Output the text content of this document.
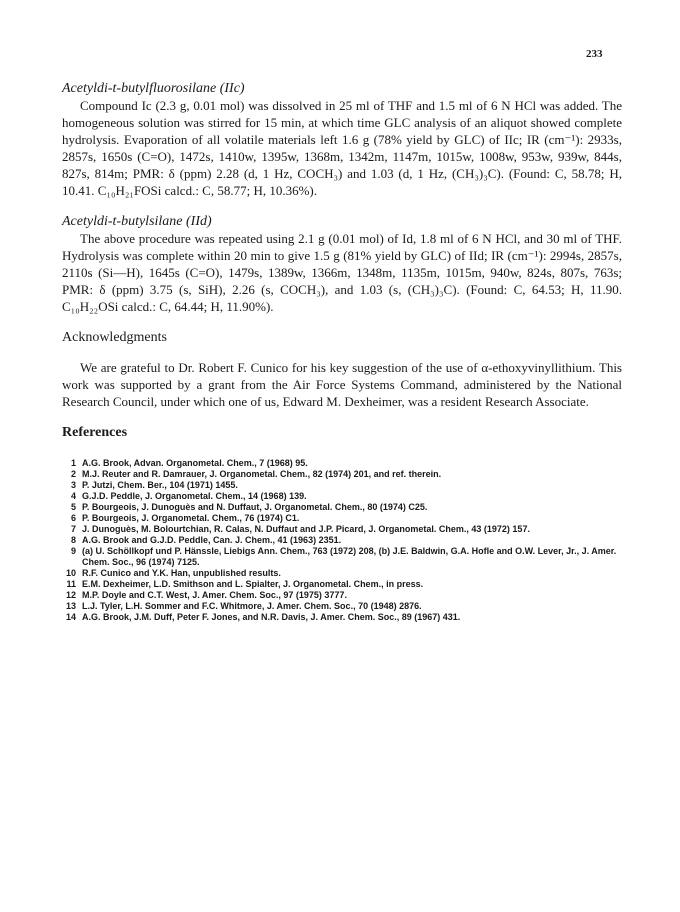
233
Acetyldi-t-butylfluorosilane (IIc)

Compound Ic (2.3 g, 0.01 mol) was dissolved in 25 ml of THF and 1.5 ml of 6 N HCl was added. The homogeneous solution was stirred for 15 min, at which time GLC analysis of an aliquot showed complete hydrolysis. Evaporation of all volatile materials left 1.6 g (78% yield by GLC) of IIc; IR (cm⁻¹): 2933s, 2857s, 1650s (C=O), 1472s, 1410w, 1395w, 1368m, 1342m, 1147m, 1015w, 1008w, 953w, 939w, 844s, 827s, 814m; PMR: δ (ppm) 2.28 (d, 1 Hz, COCH₃) and 1.03 (d, 1 Hz, (CH₃)₃C). (Found: C, 58.78; H, 10.41. C₁₀H₂₁FOSi calcd.: C, 58.77; H, 10.36%).

Acetyldi-t-butylsilane (IId)

The above procedure was repeated using 2.1 g (0.01 mol) of Id, 1.8 ml of 6 N HCl, and 30 ml of THF. Hydrolysis was complete within 20 min to give 1.5 g (81% yield by GLC) of IId; IR (cm⁻¹): 2994s, 2857s, 2110s (Si—H), 1645s (C=O), 1479s, 1389w, 1366m, 1348m, 1135m, 1015m, 940w, 824s, 807s, 763s; PMR: δ (ppm) 3.75 (s, SiH), 2.26 (s, COCH₃), and 1.03 (s, (CH₃)₃C). (Found: C, 64.53; H, 11.90. C₁₀H₂₂OSi calcd.: C, 64.44; H, 11.90%).

Acknowledgments

We are grateful to Dr. Robert F. Cunico for his key suggestion of the use of α-ethoxyvinyllithium. This work was supported by a grant from the Air Force Systems Command, administered by the National Research Council, under which one of us, Edward M. Dexheimer, was a resident Research Associate.

References
1 A.G. Brook, Advan. Organometal. Chem., 7 (1968) 95.
2 M.J. Reuter and R. Damrauer, J. Organometal. Chem., 82 (1974) 201, and ref. therein.
3 P. Jutzi, Chem. Ber., 104 (1971) 1455.
4 G.J.D. Peddle, J. Organometal. Chem., 14 (1968) 139.
5 P. Bourgeois, J. Dunoguès and N. Duffaut, J. Organometal. Chem., 80 (1974) C25.
6 P. Bourgeois, J. Organometal. Chem., 76 (1974) C1.
7 J. Dunoguès, M. Bolourtchian, R. Calas, N. Duffaut and J.P. Picard, J. Organometal. Chem., 43 (1972) 157.
8 A.G. Brook and G.J.D. Peddle, Can. J. Chem., 41 (1963) 2351.
9 (a) U. Schöllkopf und P. Hänssle, Liebigs Ann. Chem., 763 (1972) 208, (b) J.E. Baldwin, G.A. Hofle and O.W. Lever, Jr., J. Amer. Chem. Soc., 96 (1974) 7125.
10 R.F. Cunico and Y.K. Han, unpublished results.
11 E.M. Dexheimer, L.D. Smithson and L. Spialter, J. Organometal. Chem., in press.
12 M.P. Doyle and C.T. West, J. Amer. Chem. Soc., 97 (1975) 3777.
13 L.J. Tyler, L.H. Sommer and F.C. Whitmore, J. Amer. Chem. Soc., 70 (1948) 2876.
14 A.G. Brook, J.M. Duff, Peter F. Jones, and N.R. Davis, J. Amer. Chem. Soc., 89 (1967) 431.
